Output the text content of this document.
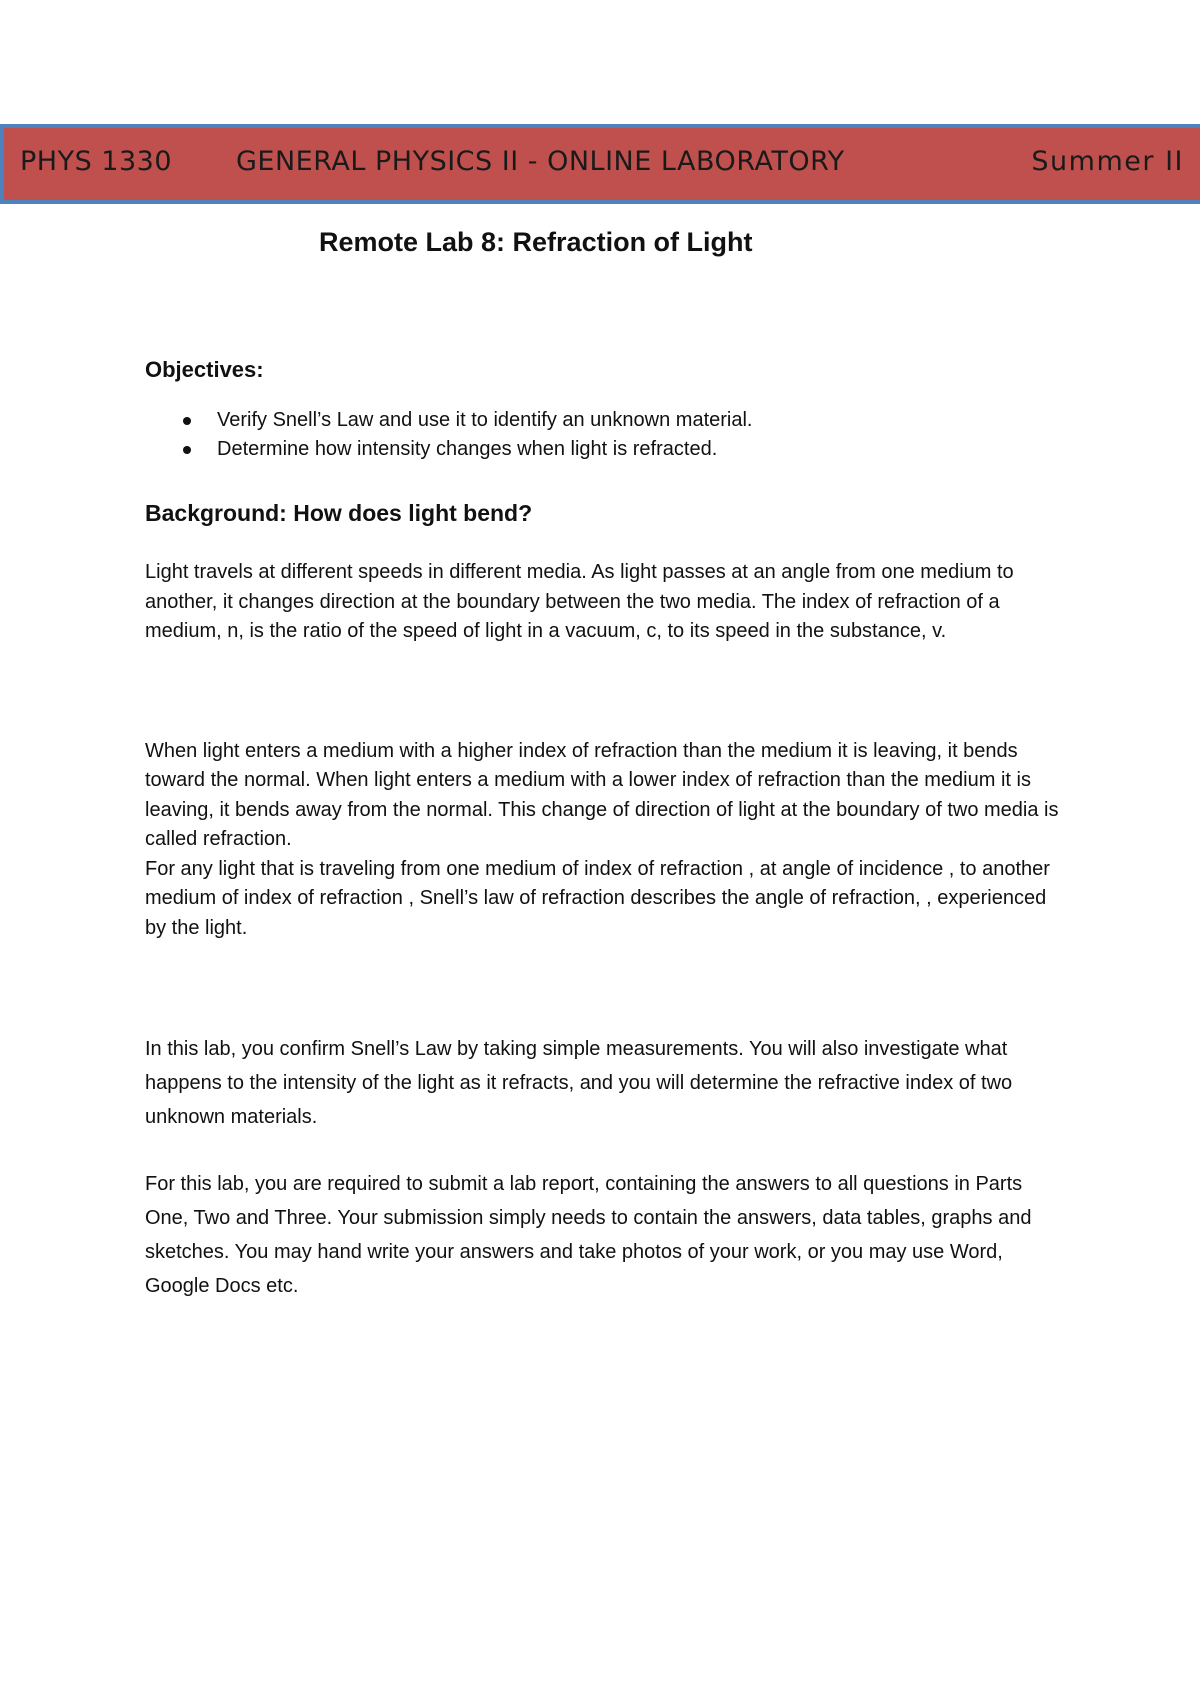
PHYS 1330 GENERAL PHYSICS II - ONLINE LABORATORY	Summer II
Remote Lab 8: Refraction of Light
Objectives:
Verify Snell’s Law and use it to identify an unknown material.
Determine how intensity changes when light is refracted.
Background: How does light bend?

Light travels at different speeds in different media. As light passes at an angle from one medium to another, it changes direction at the boundary between the two media. The index of refraction of a medium, n, is the ratio of the speed of light in a vacuum, c, to its speed in the substance, v.

When light enters a medium with a higher index of refraction than the medium it is leaving, it bends toward the normal. When light enters a medium with a lower index of refraction than the medium it is leaving, it bends away from the normal. This change of direction of light at the boundary of two media is called refraction.

For any light that is traveling from one medium of index of refraction , at angle of incidence , to another medium of index of refraction , Snell’s law of refraction describes the angle of refraction, , experienced by the light.

In this lab, you confirm Snell’s Law by taking simple measurements. You will also investigate what happens to the intensity of the light as it refracts, and you will determine the refractive index of two unknown materials.

For this lab, you are required to submit a lab report, containing the answers to all questions in Parts One, Two and Three. Your submission simply needs to contain the answers, data tables, graphs and sketches. You may hand write your answers and take photos of your work, or you may use Word, Google Docs etc.
